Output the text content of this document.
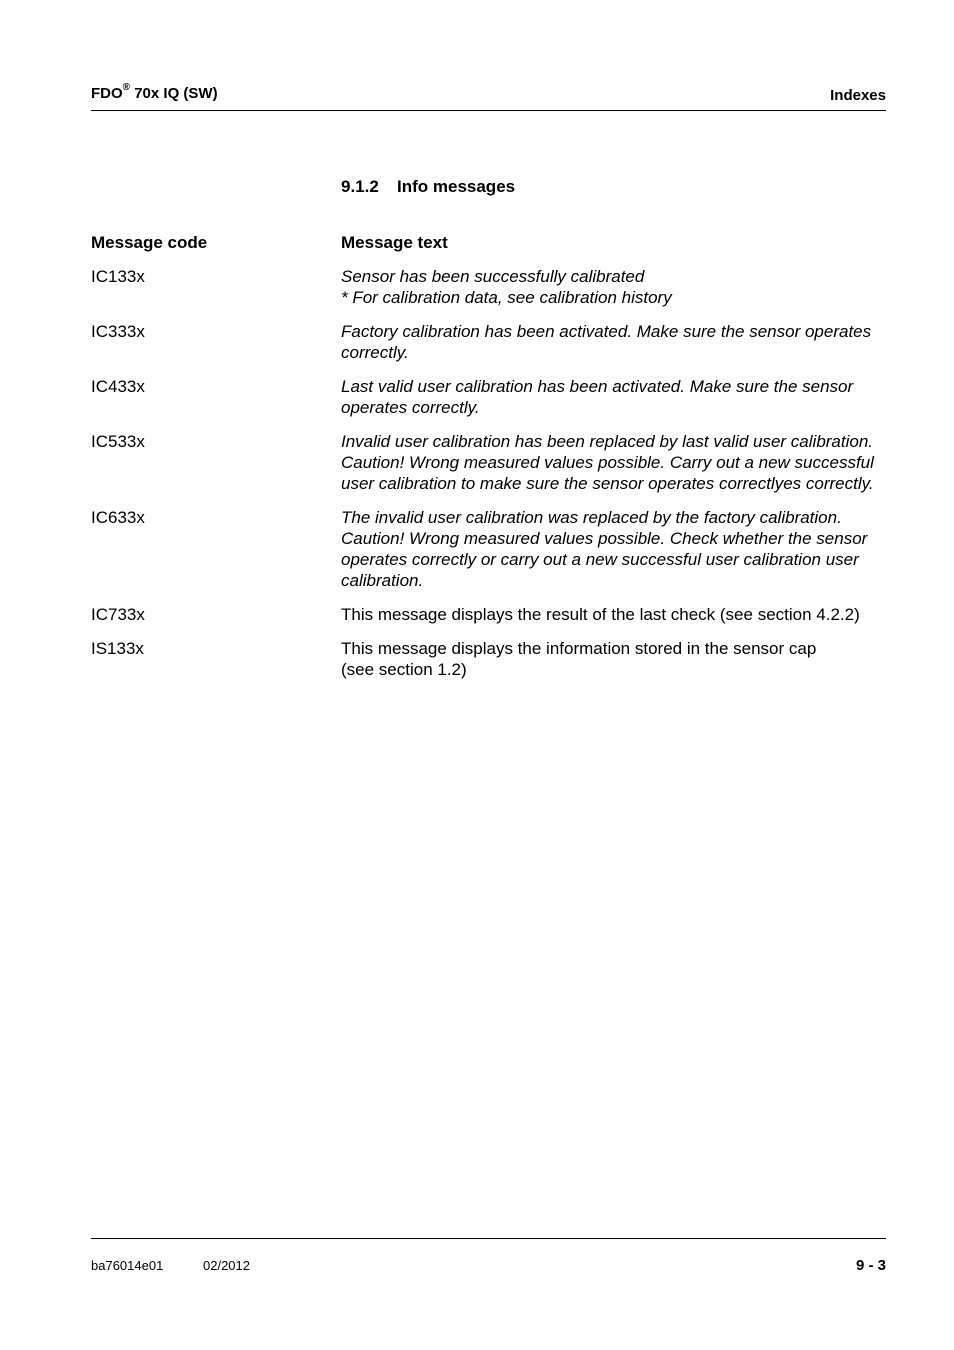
FDO® 70x IQ (SW)	Indexes
9.1.2 Info messages
Message code	Message text
IC133x	Sensor has been successfully calibrated
* For calibration data, see calibration history
IC333x	Factory calibration has been activated. Make sure the sensor operates
correctly.
IC433x	Last valid user calibration has been activated. Make sure the sensor
operates correctly.
IC533x	Invalid user calibration has been replaced by last valid user calibration.
Caution! Wrong measured values possible. Carry out a new successful
user calibration to make sure the sensor operates correctlyes correctly.
IC633x	The invalid user calibration was replaced by the factory calibration.
Caution! Wrong measured values possible. Check whether the sensor
operates correctly or carry out a new successful user calibration user
calibration.
IC733x	This message displays the result of the last check (see section 4.2.2)
IS133x	This message displays the information stored in the sensor cap
(see section 1.2)
ba76014e01	02/2012	9 - 3
